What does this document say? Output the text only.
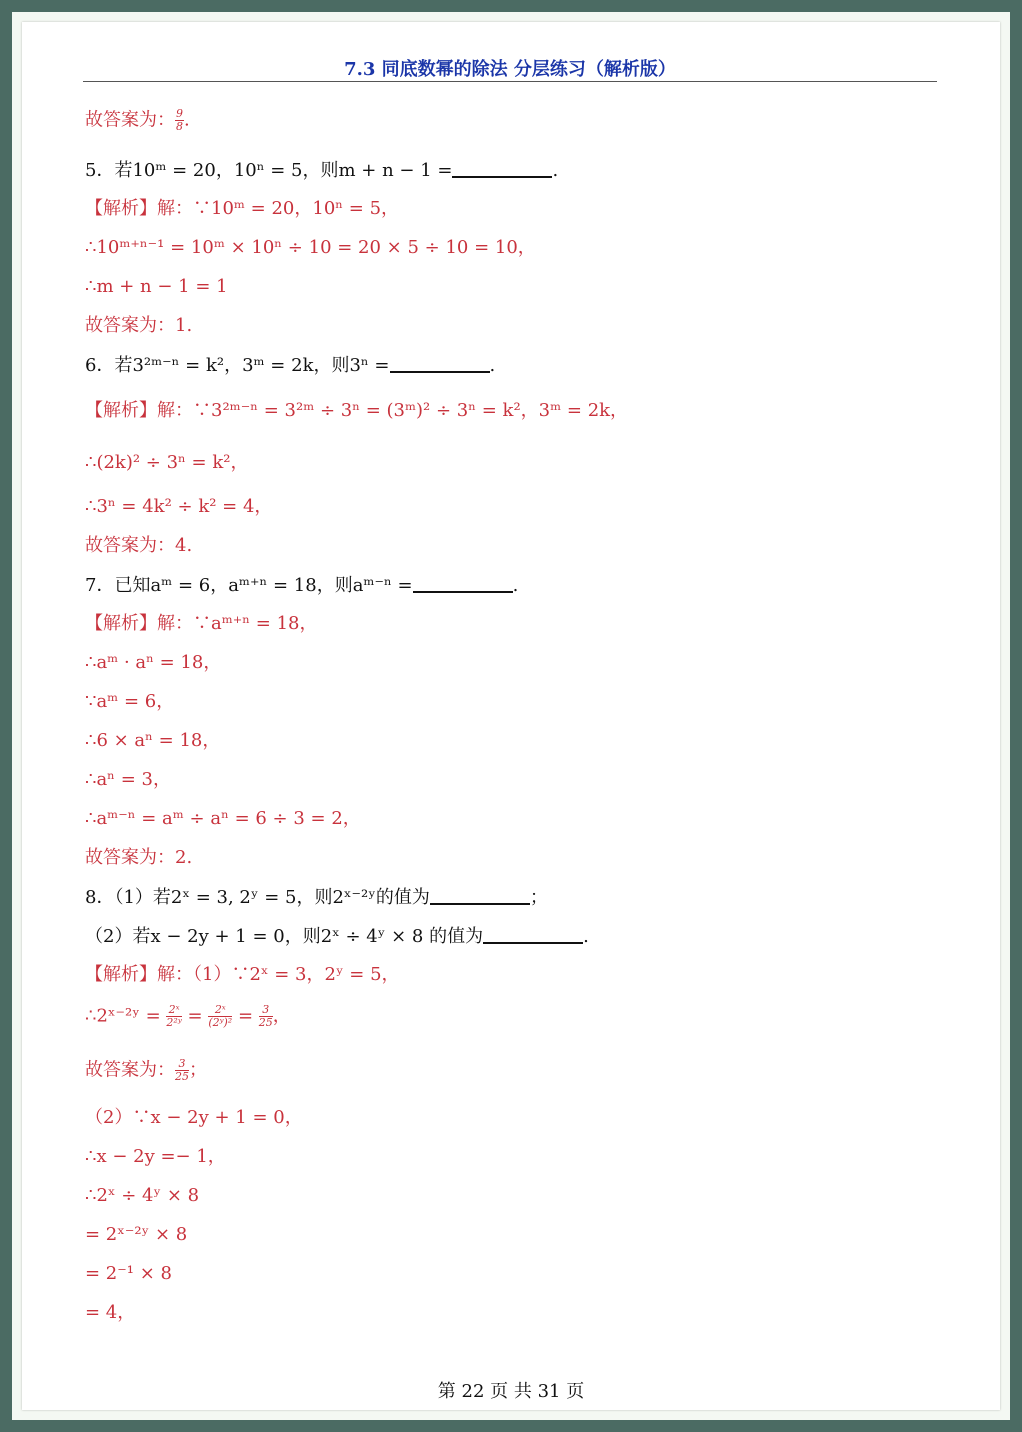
7.3 同底数幂的除法 分层练习（解析版）
故答案为： $\frac{9}{8}$ .
5．若10ᵐ = 20，10ⁿ = 5，则m + n − 1 =	.
【解析】解：∵10ᵐ = 20，10ⁿ = 5，
∴10ᵐ⁺ⁿ⁻¹ = 10ᵐ × 10ⁿ ÷ 10 = 20 × 5 ÷ 10 = 10，
∴m + n − 1 = 1
故答案为：1.
6．若3²ᵐ⁻ⁿ = k²，3ᵐ = 2k，则3ⁿ =	.
【解析】解：∵3²ᵐ⁻ⁿ = 3²ᵐ ÷ 3ⁿ = (3ᵐ)² ÷ 3ⁿ = k²，3ᵐ = 2k，
∴(2k)² ÷ 3ⁿ = k²，
∴3ⁿ = 4k² ÷ k² = 4，
故答案为：4.
7．已知aᵐ = 6，aᵐ⁺ⁿ = 18，则aᵐ⁻ⁿ =	.
【解析】解：∵aᵐ⁺ⁿ = 18，
∴aᵐ · aⁿ = 18，
∵aᵐ = 6，
∴6 × aⁿ = 18，
∴aⁿ = 3，
∴aᵐ⁻ⁿ = aᵐ ÷ aⁿ = 6 ÷ 3 = 2，
故答案为：2.
8．（1）若2ˣ = 3, 2ʸ = 5，则2ˣ⁻²ʸ的值为	；
（2）若x − 2y + 1 = 0，则2ˣ ÷ 4ʸ × 8 的值为	.
【解析】解：（1）∵2ˣ = 3，2ʸ = 5，
∴2ˣ⁻²ʸ = $\frac{\text{2ˣ}}{\text{2²ʸ}} = \frac{\text{2ˣ}}{\text{(2ʸ)²}} = \frac{3}{25}$ ，
故答案为： $\frac{3}{25}$ ；
（2）∵x − 2y + 1 = 0，
∴x − 2y =− 1，
∴2ˣ ÷ 4ʸ × 8
= 2ˣ⁻²ʸ × 8
= 2⁻¹ × 8
= 4，
第 22 页 共 31 页
